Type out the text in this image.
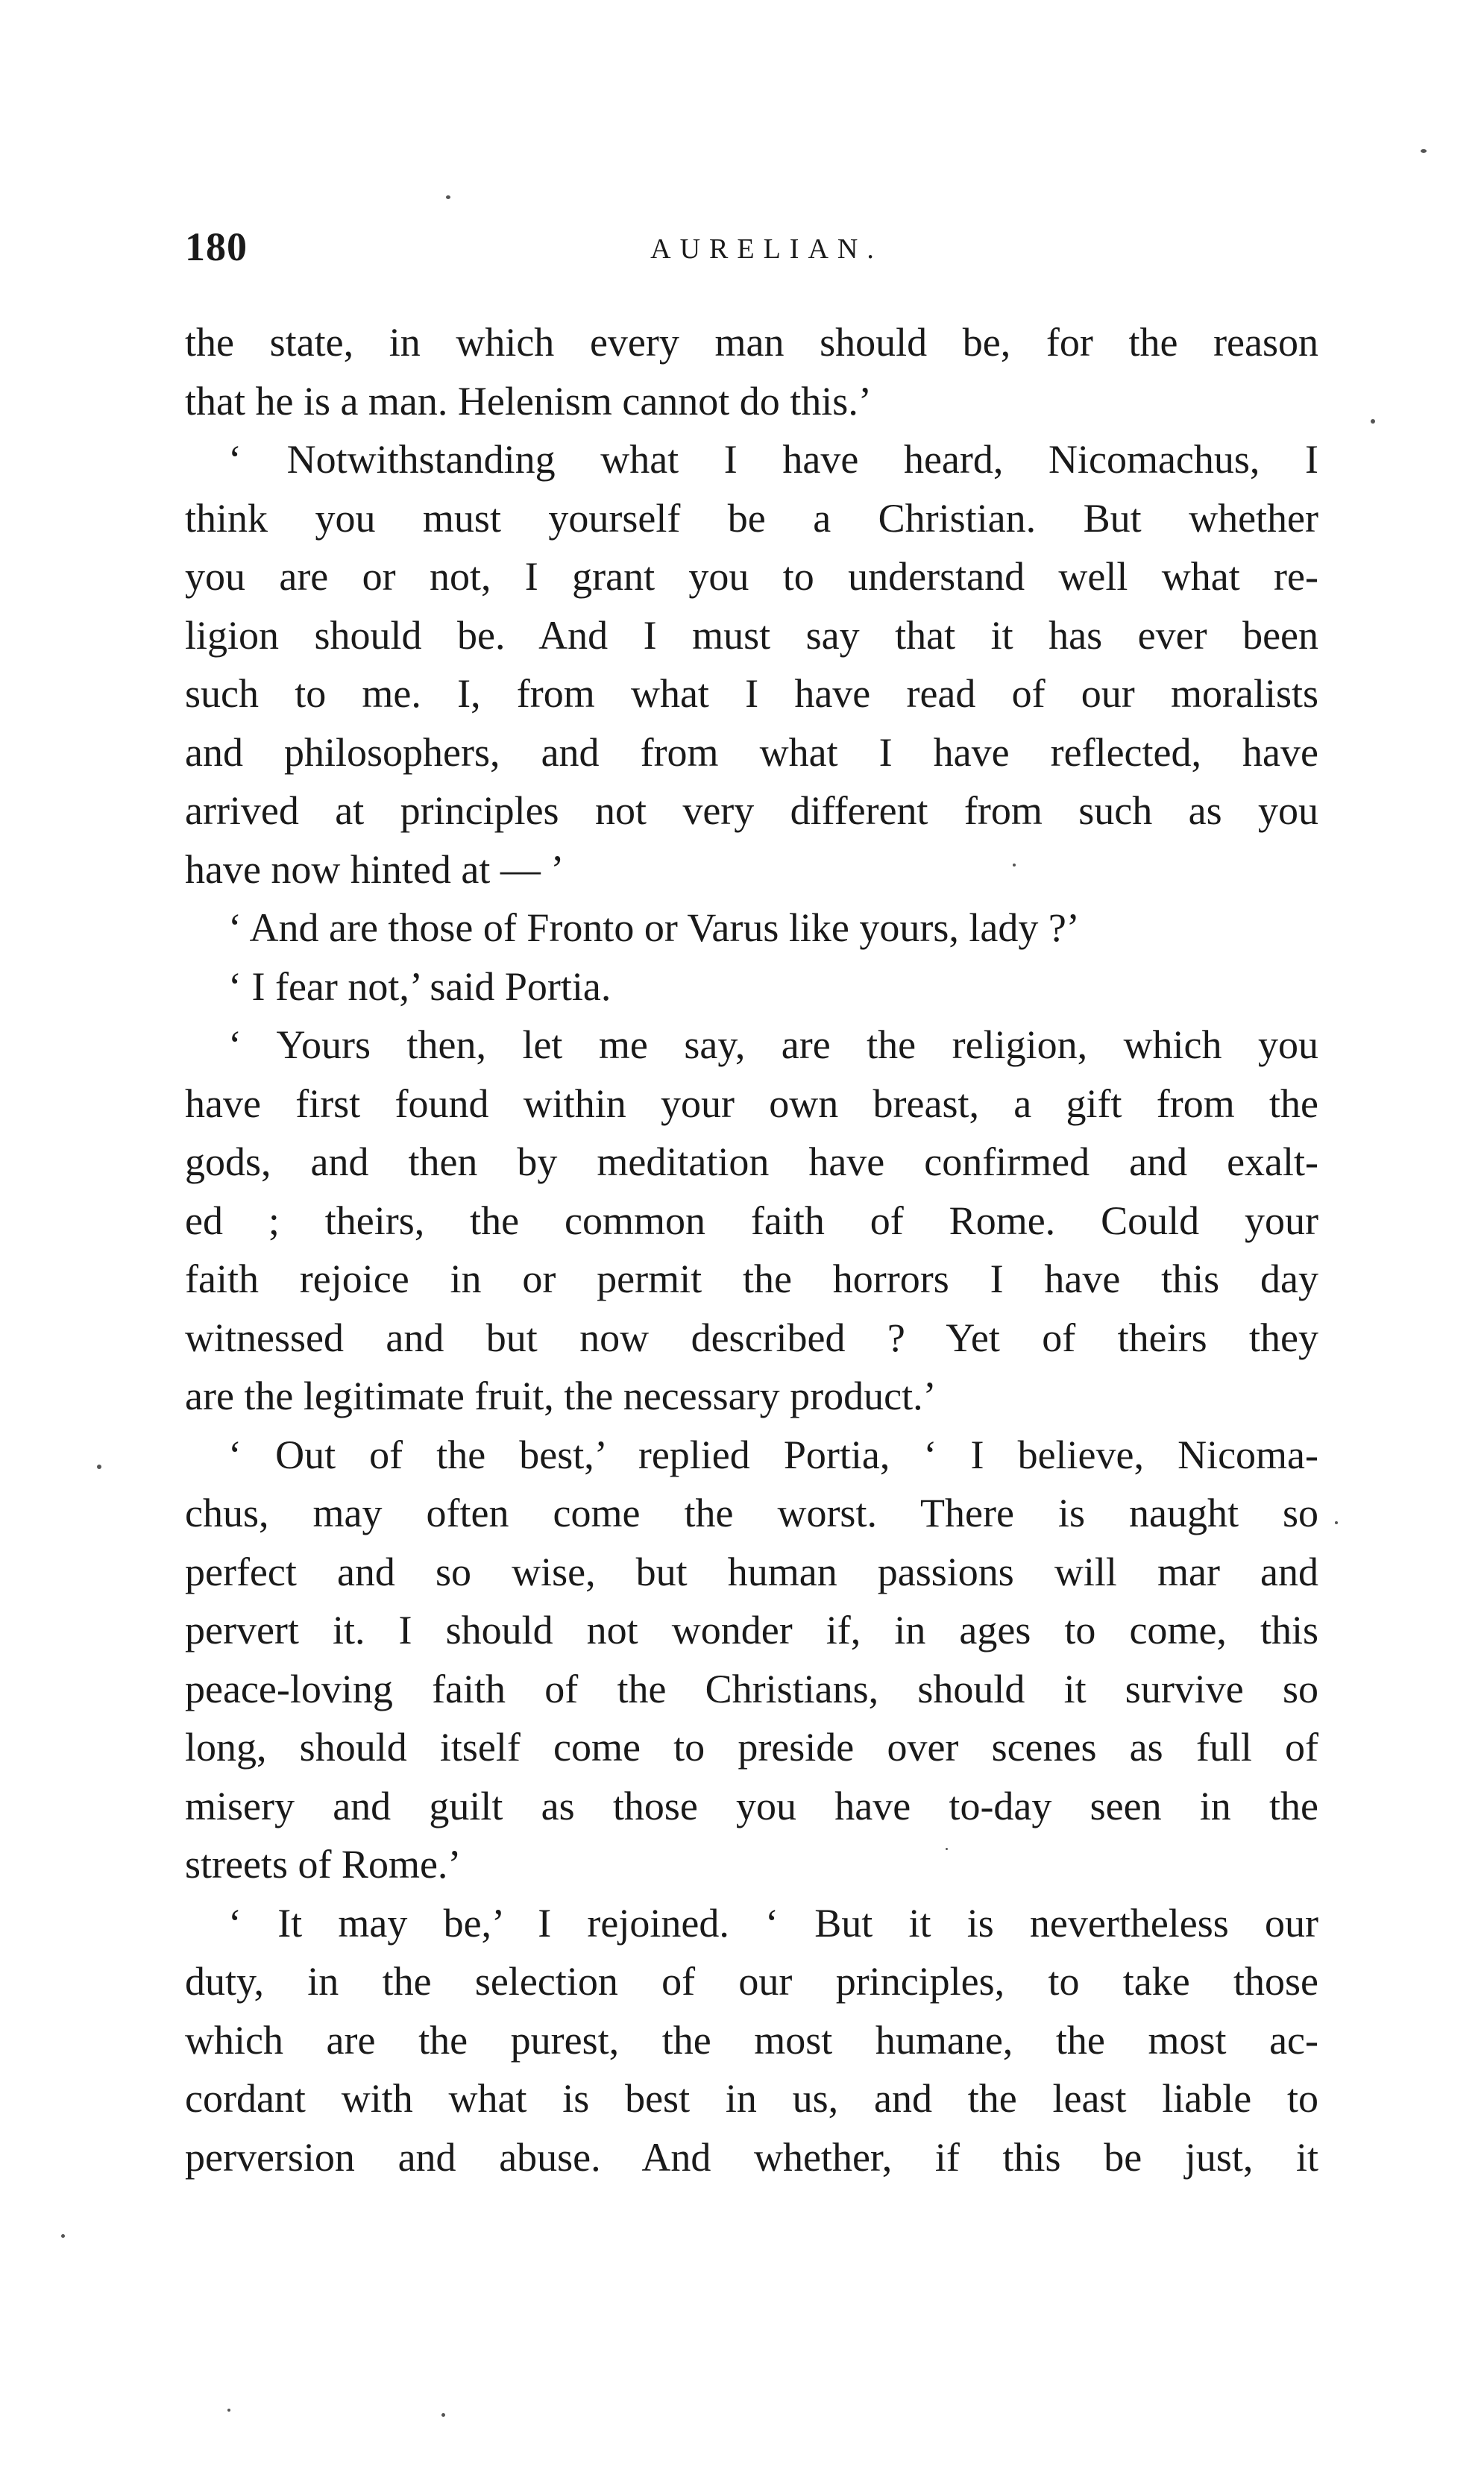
180	AURELIAN.
the state, in which every man should be, for the reason
that he is a man. Helenism cannot do this.’
‘ Notwithstanding what I have heard, Nicomachus, I
think you must yourself be a Christian. But whether
you are or not, I grant you to understand well what re-
ligion should be. And I must say that it has ever been
such to me. I, from what I have read of our moralists
and philosophers, and from what I have reflected, have
arrived at principles not very different from such as you
have now hinted at — ’
‘ And are those of Fronto or Varus like yours, lady ?’
‘ I fear not,’ said Portia.
‘ Yours then, let me say, are the religion, which you
have first found within your own breast, a gift from the
gods, and then by meditation have confirmed and exalt-
ed ; theirs, the common faith of Rome. Could your
faith rejoice in or permit the horrors I have this day
witnessed and but now described ? Yet of theirs they
are the legitimate fruit, the necessary product.’
‘ Out of the best,’ replied Portia, ‘ I believe, Nicoma-
chus, may often come the worst. There is naught so
perfect and so wise, but human passions will mar and
pervert it. I should not wonder if, in ages to come, this
peace-loving faith of the Christians, should it survive so
long, should itself come to preside over scenes as full of
misery and guilt as those you have to-day seen in the
streets of Rome.’
‘ It may be,’ I rejoined. ‘ But it is nevertheless our
duty, in the selection of our principles, to take those
which are the purest, the most humane, the most ac-
cordant with what is best in us, and the least liable to
perversion and abuse. And whether, if this be just, it
